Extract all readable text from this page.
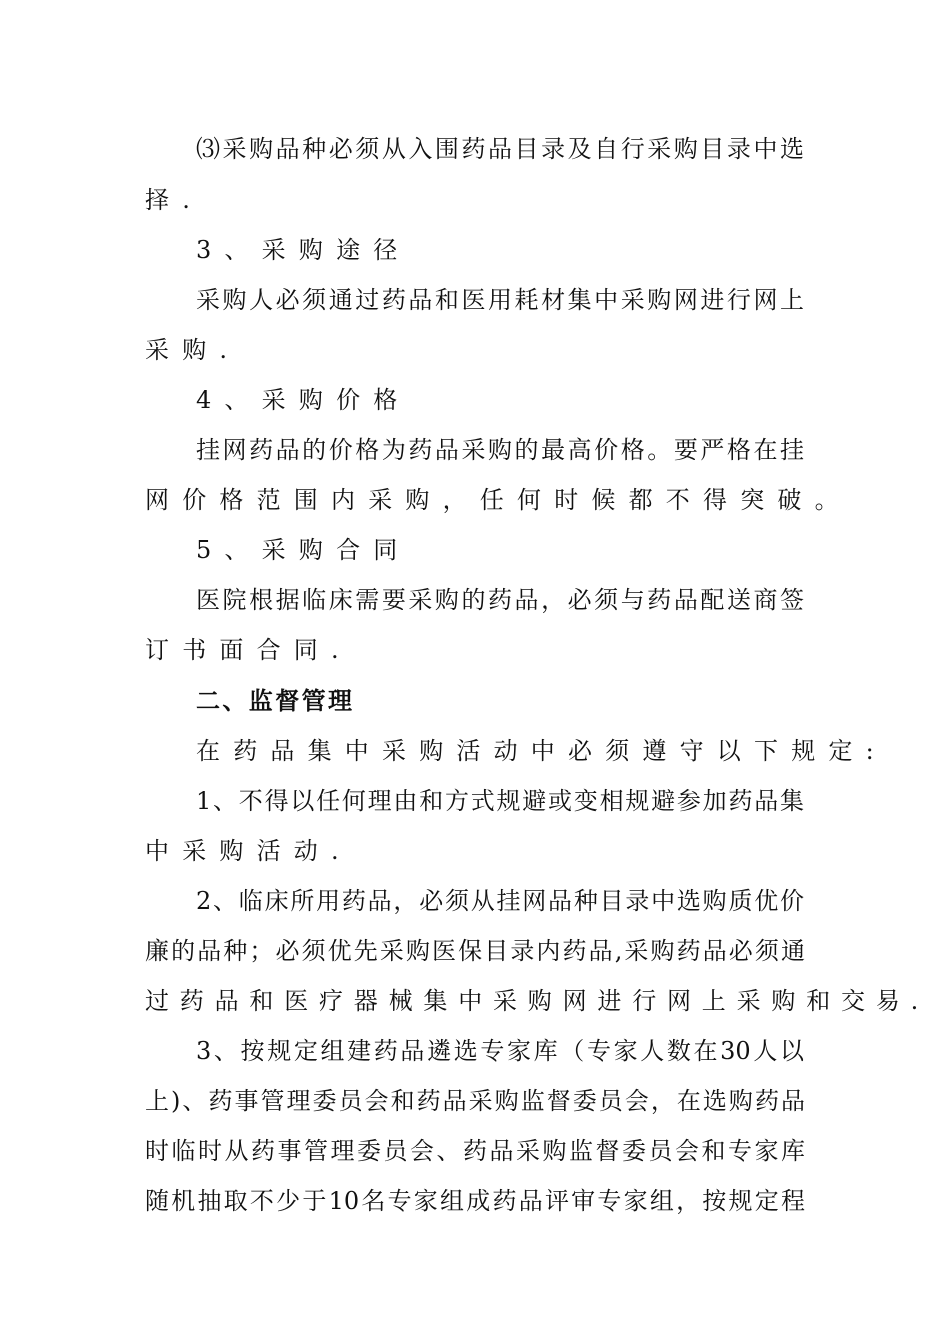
⑶采购品种必须从入围药品目录及自行采购目录中选
择.
3、采购途径
采购人必须通过药品和医用耗材集中采购网进行网上
采购.
4、采购价格
挂网药品的价格为药品采购的最高价格。要严格在挂
网价格范围内采购，任何时候都不得突破。
5、采购合同
医院根据临床需要采购的药品，必须与药品配送商签
订书面合同.
二、监督管理
在药品集中采购活动中必须遵守以下规定:
1、不得以任何理由和方式规避或变相规避参加药品集
中采购活动.
2、临床所用药品，必须从挂网品种目录中选购质优价
廉的品种；必须优先采购医保目录内药品,采购药品必须通
过药品和医疗器械集中采购网进行网上采购和交易.
3、按规定组建药品遴选专家库（专家人数在30人以
上)、药事管理委员会和药品采购监督委员会，在选购药品
时临时从药事管理委员会、药品采购监督委员会和专家库
随机抽取不少于10名专家组成药品评审专家组，按规定程
